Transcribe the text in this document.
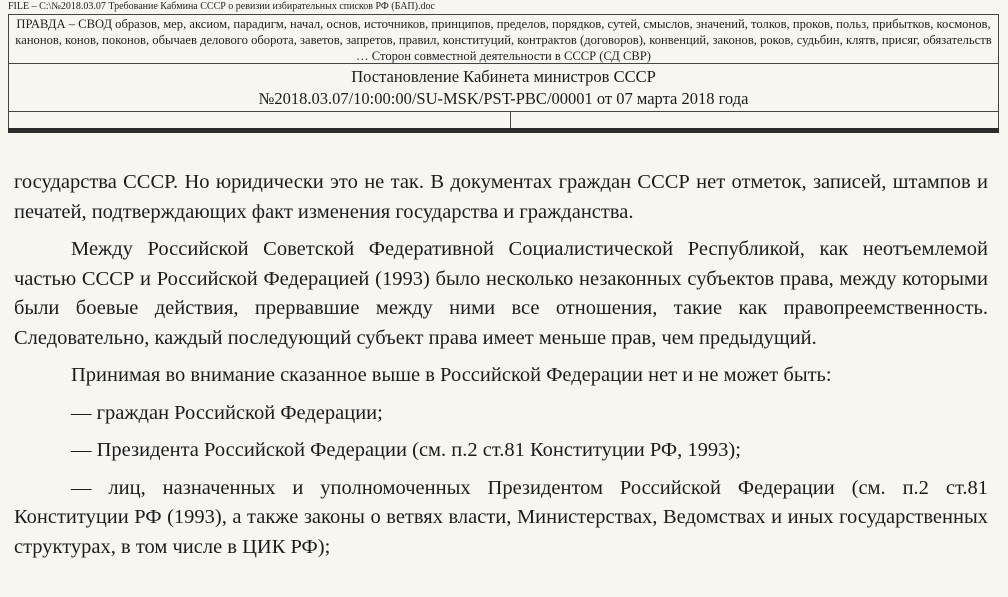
FILE – C:\№2018.03.07 Требование Кабмина СССР о ревизии избирательных списков РФ (БАП).doc
ПРАВДА – СВОД образов, мер, аксиом, парадигм, начал, основ, источников, принципов, пределов, порядков, сутей, смыслов, значений, толков, проков, польз, прибытков, космонов, канонов, конов, поконов, обычаев делового оборота, заветов, запретов, правил, конституций, контрактов (договоров), конвенций, законов, роков, судьбин, клятв, присяг, обязательств … Сторон совместной деятельности в СССР (СД СВР)
Постановление Кабинета министров СССР
№2018.03.07/10:00:00/SU-MSK/PST-PBC/00001 от 07 марта 2018 года

государства СССР. Но юридически это не так. В документах граждан СССР нет отметок, записей, штампов и печатей, подтверждающих факт изменения государства и гражданства.

Между Российской Советской Федеративной Социалистической Республикой, как неотъемлемой частью СССР и Российской Федерацией (1993) было несколько незаконных субъектов права, между которыми были боевые действия, прервавшие между ними все отношения, такие как правопреемственность. Следовательно, каждый последующий субъект права имеет меньше прав, чем предыдущий.

Принимая во внимание сказанное выше в Российской Федерации нет и не может быть:

— граждан Российской Федерации;

— Президента Российской Федерации (см. п.2 ст.81 Конституции РФ, 1993);

— лиц, назначенных и уполномоченных Президентом Российской Федерации (см. п.2 ст.81 Конституции РФ (1993), а также законы о ветвях власти, Министерствах, Ведомствах и иных государственных структурах, в том числе в ЦИК РФ);
